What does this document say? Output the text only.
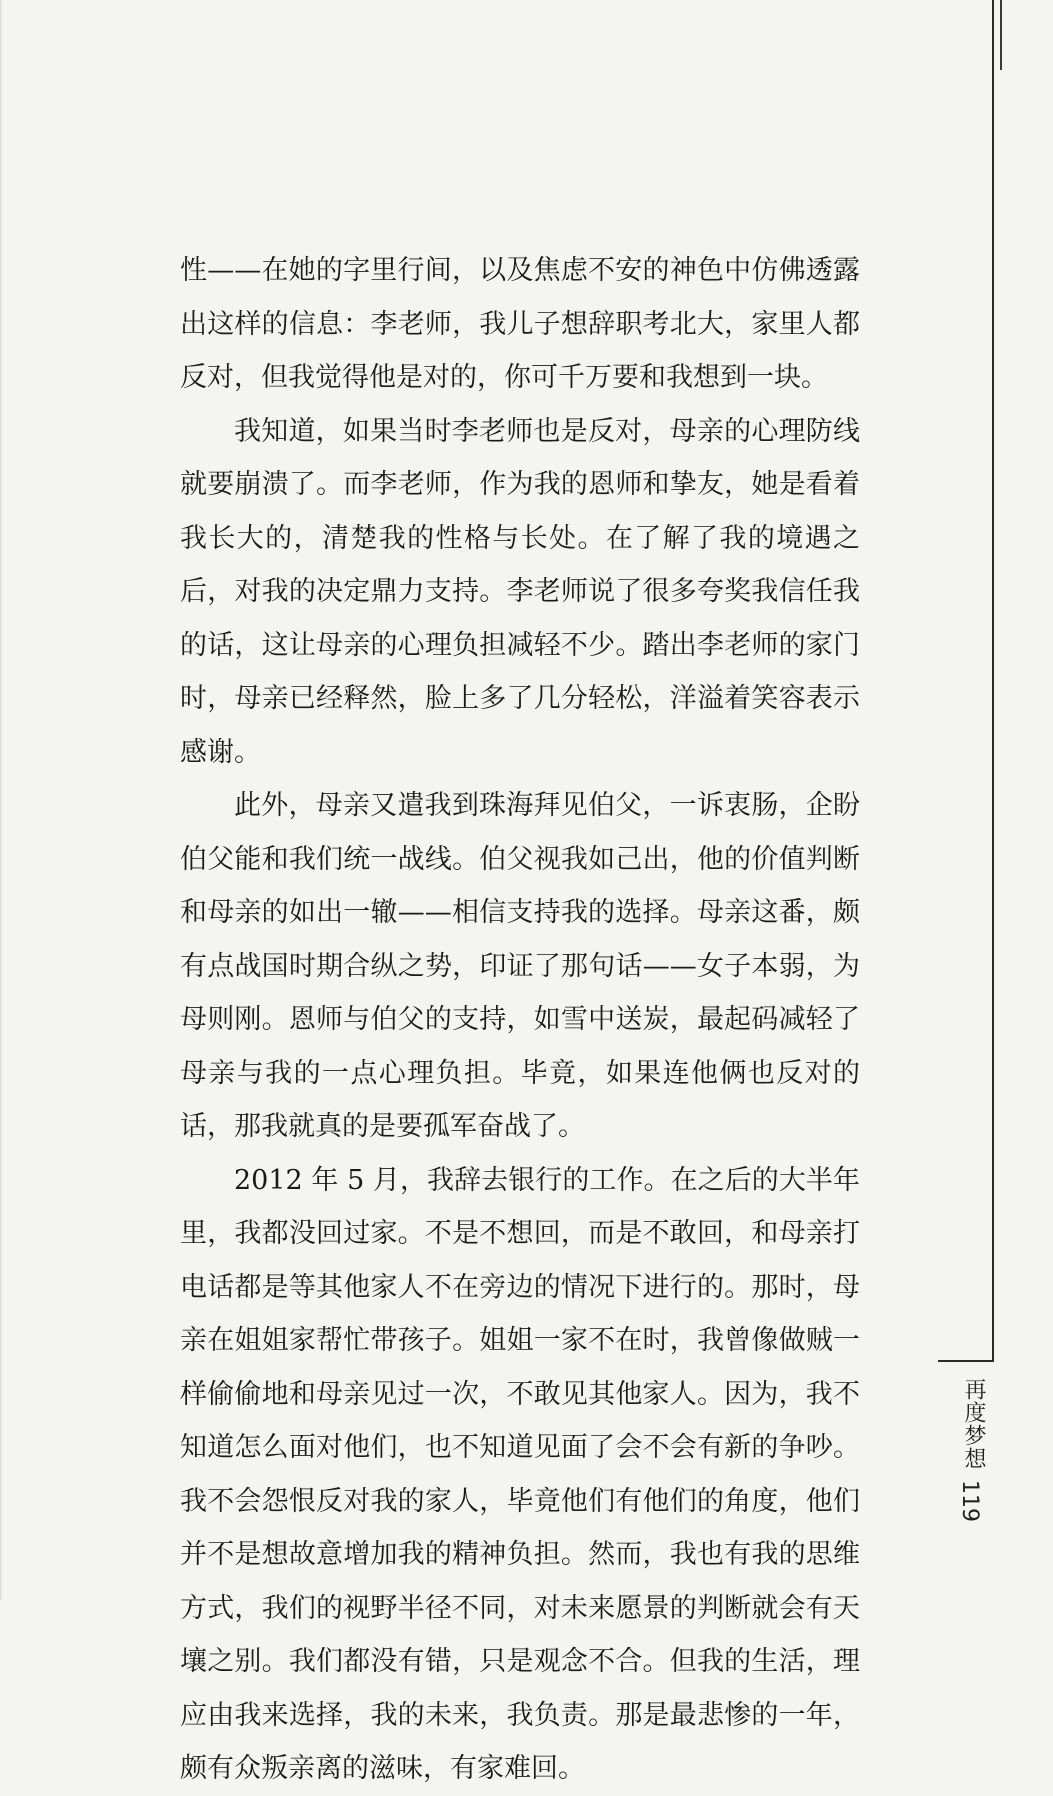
性——在她的字里行间，以及焦虑不安的神色中仿佛透露出这样的信息：李老师，我儿子想辞职考北大，家里人都反对，但我觉得他是对的，你可千万要和我想到一块。

我知道，如果当时李老师也是反对，母亲的心理防线就要崩溃了。而李老师，作为我的恩师和挚友，她是看着我长大的，清楚我的性格与长处。在了解了我的境遇之后，对我的决定鼎力支持。李老师说了很多夸奖我信任我的话，这让母亲的心理负担减轻不少。踏出李老师的家门时，母亲已经释然，脸上多了几分轻松，洋溢着笑容表示感谢。

此外，母亲又遣我到珠海拜见伯父，一诉衷肠，企盼伯父能和我们统一战线。伯父视我如己出，他的价值判断和母亲的如出一辙——相信支持我的选择。母亲这番，颇有点战国时期合纵之势，印证了那句话——女子本弱，为母则刚。恩师与伯父的支持，如雪中送炭，最起码减轻了母亲与我的一点心理负担。毕竟，如果连他俩也反对的话，那我就真的是要孤军奋战了。

2012 年 5 月，我辞去银行的工作。在之后的大半年里，我都没回过家。不是不想回，而是不敢回，和母亲打电话都是等其他家人不在旁边的情况下进行的。那时，母亲在姐姐家帮忙带孩子。姐姐一家不在时，我曾像做贼一样偷偷地和母亲见过一次，不敢见其他家人。因为，我不知道怎么面对他们，也不知道见面了会不会有新的争吵。我不会怨恨反对我的家人，毕竟他们有他们的角度，他们并不是想故意增加我的精神负担。然而，我也有我的思维方式，我们的视野半径不同，对未来愿景的判断就会有天壤之别。我们都没有错，只是观念不合。但我的生活，理应由我来选择，我的未来，我负责。那是最悲惨的一年，颇有众叛亲离的滋味，有家难回。

再度梦想
119
